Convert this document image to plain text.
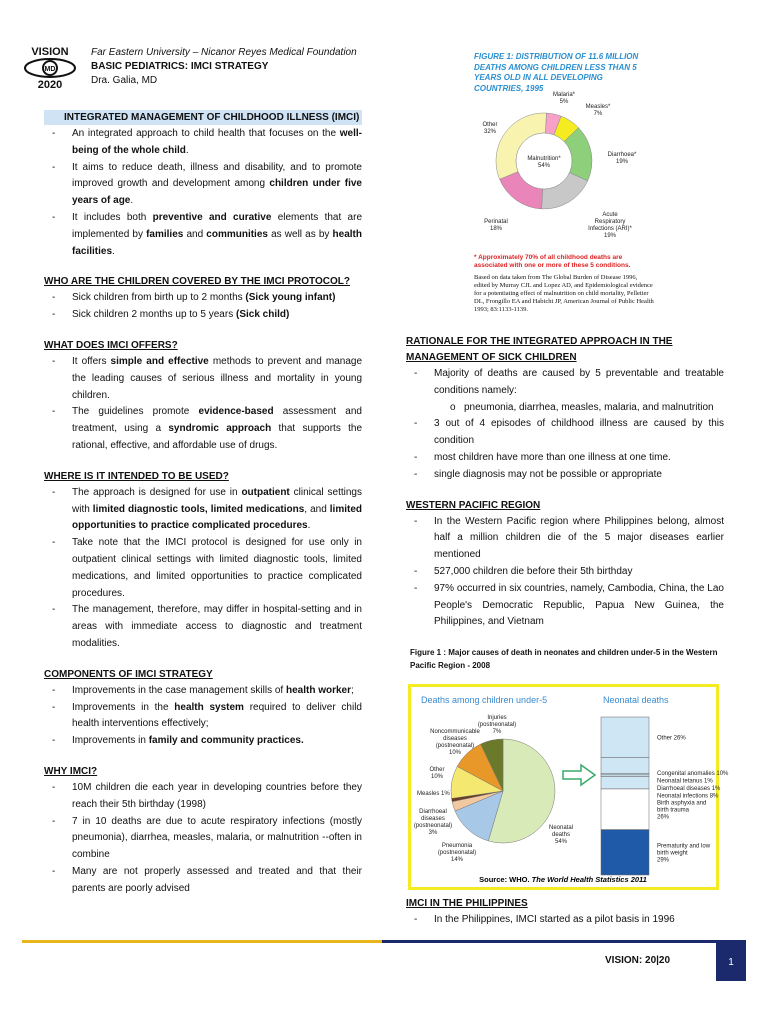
VISION
MD
2020
Far Eastern University – Nicanor Reyes Medical Foundation
BASIC PEDIATRICS: IMCI STRATEGY
Dra. Galia, MD
INTEGRATED MANAGEMENT OF CHILDHOOD ILLNESS (IMCI)
- An integrated approach to child health that focuses on the well-being of the whole child.
- It aims to reduce death, illness and disability, and to promote improved growth and development among children under five years of age.
- It includes both preventive and curative elements that are implemented by families and communities as well as by health facilities.
WHO ARE THE CHILDREN COVERED BY THE IMCI PROTOCOL?
- Sick children from birth up to 2 months (Sick young infant)
- Sick children 2 months up to 5 years (Sick child)
WHAT DOES IMCI OFFERS?
- It offers simple and effective methods to prevent and manage the leading causes of serious illness and mortality in young children.
- The guidelines promote evidence-based assessment and treatment, using a syndromic approach that supports the rational, effective, and affordable use of drugs.
WHERE IS IT INTENDED TO BE USED?
- The approach is designed for use in outpatient clinical settings with limited diagnostic tools, limited medications, and limited opportunities to practice complicated procedures.
- Take note that the IMCI protocol is designed for use only in outpatient clinical settings with limited diagnostic tools, limited medications, and limited opportunities to practice complicated procedures.
- The management, therefore, may differ in hospital-setting and in areas with immediate access to diagnostic and treatment modalities.
COMPONENTS OF IMCI STRATEGY
- Improvements in the case management skills of health worker;
- Improvements in the health system required to deliver child health interventions effectively;
- Improvements in family and community practices.
WHY IMCI?
- 10M children die each year in developing countries before they reach their 5th birthday (1998)
- 7 in 10 deaths are due to acute respiratory infections (mostly pneumonia), diarrhea, measles, malaria, or malnutrition --often in combine
- Many are not properly assessed and treated and that their parents are poorly advised
FIGURE 1: DISTRIBUTION OF 11.6 MILLION DEATHS AMONG CHILDREN LESS THAN 5 YEARS OLD IN ALL DEVELOPING COUNTRIES, 1995
Malnutrition* 54%
Malaria* 5%
Measles* 7%
Diarrhoea* 19%
Acute Respiratory Infections (ARI)* 19%
Perinatal 18%
Other 32%
* Approximately 70% of all childhood deaths are associated with one or more of these 5 conditions.
Based on data taken from The Global Burden of Disease 1996, edited by Murray CJL and Lopez AD, and Epidemiological evidence for a potentiating effect of malnutrition on child mortality, Pelletier DL, Frongillo EA and Habicht JP, American Journal of Public Health 1993; 83:1133-1139.
RATIONALE FOR THE INTEGRATED APPROACH IN THE MANAGEMENT OF SICK CHILDREN
- Majority of deaths are caused by 5 preventable and treatable conditions namely:
o pneumonia, diarrhea, measles, malaria, and malnutrition
- 3 out of 4 episodes of childhood illness are caused by this condition
- most children have more than one illness at one time.
- single diagnosis may not be possible or appropriate
WESTERN PACIFIC REGION
- In the Western Pacific region where Philippines belong, almost half a million children die of the 5 major diseases earlier mentioned
- 527,000 children die before their 5th birthday
- 97% occurred in six countries, namely, Cambodia, China, the Lao People's Democratic Republic, Papua New Guinea, the Philippines, and Vietnam
Figure 1 : Major causes of death in neonates and children under-5 in the Western Pacific Region - 2008
Deaths among children under-5	Neonatal deaths
Neonatal deaths 54%
Pneumonia (postneonatal) 14%
Diarrhoeal diseases (postneonatal) 3%
Measles 1%
Other 10%
Noncommunicable diseases (postneonatal) 10%
Injuries (postneonatal) 7%
Other 26%
Congenital anomalies 10%
Neonatal tetanus 1%
Diarrhoeal diseases 1%
Neonatal infections 8%
Birth asphyxia and birth trauma 26%
Prematurity and low birth weight 29%
Source: WHO. The World Health Statistics 2011
IMCI IN THE PHILIPPINES
- In the Philippines, IMCI started as a pilot basis in 1996
VISION: 20|20	1
